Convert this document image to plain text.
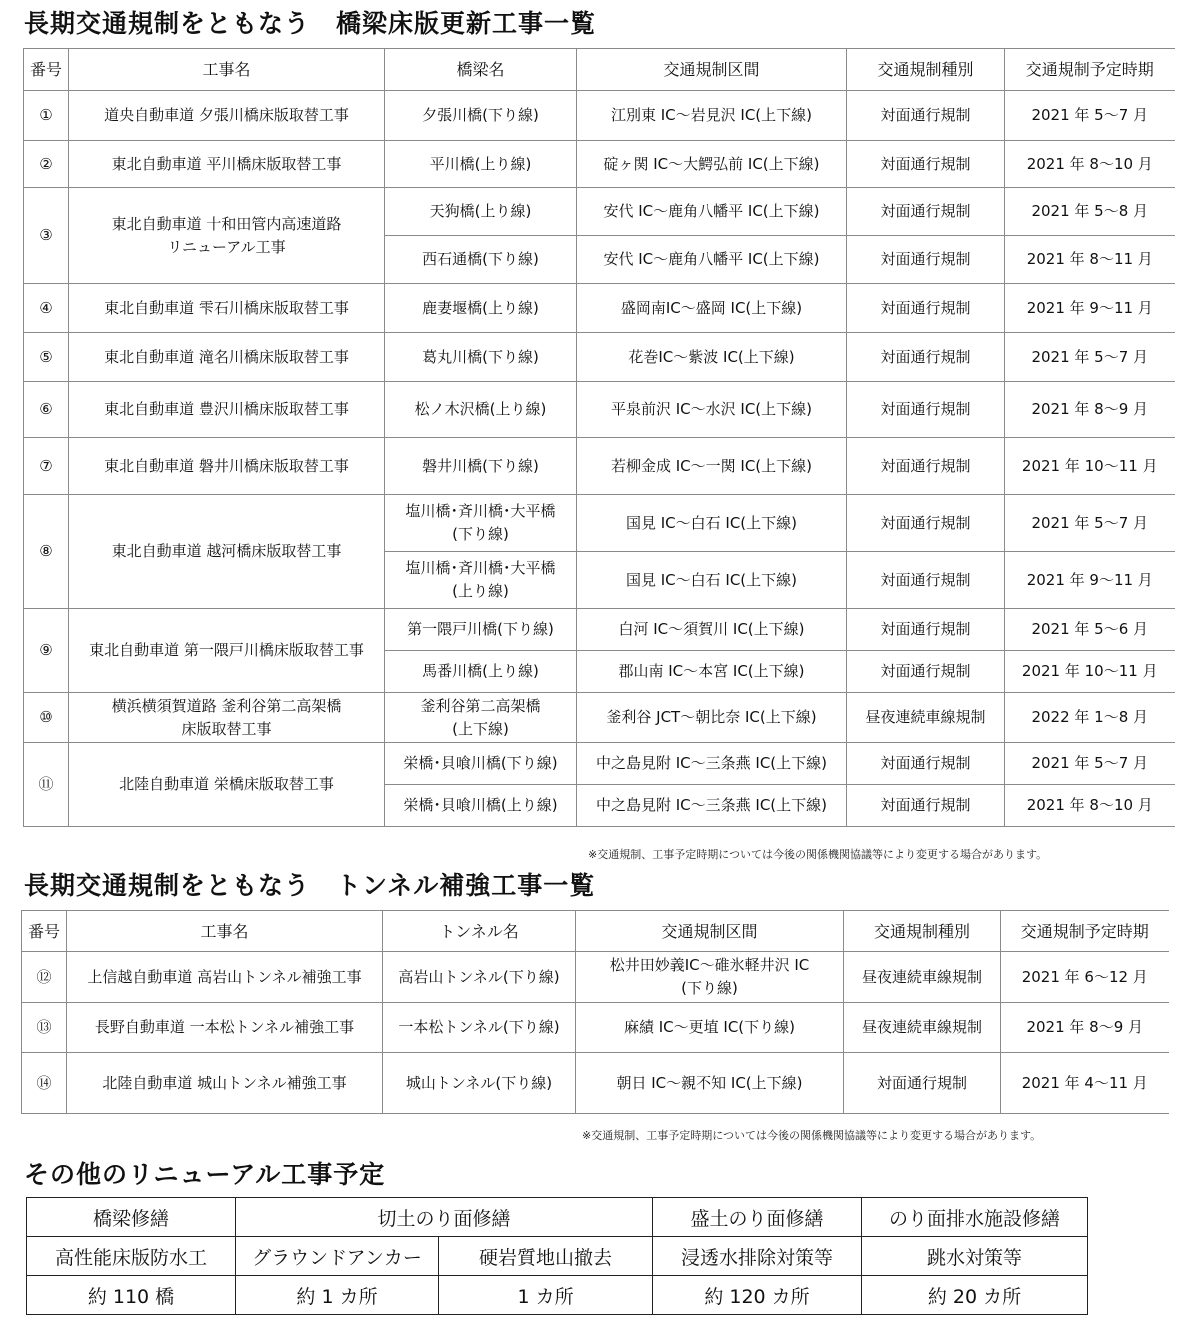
長期交通規制をともなう　橋梁床版更新工事一覧
番号	工事名	橋梁名	交通規制区間	交通規制種別	交通規制予定時期
①	道央自動車道 夕張川橋床版取替工事	夕張川橋(下り線)	江別東 IC～岩見沢 IC(上下線)	対面通行規制	2021 年 5～7 月
②	東北自動車道 平川橋床版取替工事	平川橋(上り線)	碇ヶ関 IC～大鰐弘前 IC(上下線)	対面通行規制	2021 年 8～10 月
③	東北自動車道 十和田管内高速道路
リニューアル工事	天狗橋(上り線)	安代 IC～鹿角八幡平 IC(上下線)	対面通行規制	2021 年 5～8 月
		西石通橋(下り線)	安代 IC～鹿角八幡平 IC(上下線)	対面通行規制	2021 年 8～11 月
④	東北自動車道 雫石川橋床版取替工事	鹿妻堰橋(上り線)	盛岡南IC～盛岡 IC(上下線)	対面通行規制	2021 年 9～11 月
⑤	東北自動車道 滝名川橋床版取替工事	葛丸川橋(下り線)	花巻IC～紫波 IC(上下線)	対面通行規制	2021 年 5～7 月
⑥	東北自動車道 豊沢川橋床版取替工事	松ノ木沢橋(上り線)	平泉前沢 IC～水沢 IC(上下線)	対面通行規制	2021 年 8～9 月
⑦	東北自動車道 磐井川橋床版取替工事	磐井川橋(下り線)	若柳金成 IC～一関 IC(上下線)	対面通行規制	2021 年 10～11 月
⑧	東北自動車道 越河橋床版取替工事	塩川橋･斉川橋･大平橋
(下り線)	国見 IC～白石 IC(上下線)	対面通行規制	2021 年 5～7 月
		塩川橋･斉川橋･大平橋
(上り線)	国見 IC～白石 IC(上下線)	対面通行規制	2021 年 9～11 月
⑨	東北自動車道 第一隈戸川橋床版取替工事	第一隈戸川橋(下り線)	白河 IC～須賀川 IC(上下線)	対面通行規制	2021 年 5～6 月
		馬番川橋(上り線)	郡山南 IC～本宮 IC(上下線)	対面通行規制	2021 年 10～11 月
⑩	横浜横須賀道路 釜利谷第二高架橋
床版取替工事	釜利谷第二高架橋
(上下線)	釜利谷 JCT～朝比奈 IC(上下線)	昼夜連続車線規制	2022 年 1～8 月
⑪	北陸自動車道 栄橋床版取替工事	栄橋･貝喰川橋(下り線)	中之島見附 IC～三条燕 IC(上下線)	対面通行規制	2021 年 5～7 月
		栄橋･貝喰川橋(上り線)	中之島見附 IC～三条燕 IC(上下線)	対面通行規制	2021 年 8～10 月
※交通規制、工事予定時期については今後の関係機関協議等により変更する場合があります。
長期交通規制をともなう　トンネル補強工事一覧
番号	工事名	トンネル名	交通規制区間	交通規制種別	交通規制予定時期
⑫	上信越自動車道 高岩山トンネル補強工事	高岩山トンネル(下り線)	松井田妙義IC～碓氷軽井沢 IC
(下り線)	昼夜連続車線規制	2021 年 6～12 月
⑬	長野自動車道 一本松トンネル補強工事	一本松トンネル(下り線)	麻績 IC～更埴 IC(下り線)	昼夜連続車線規制	2021 年 8～9 月
⑭	北陸自動車道 城山トンネル補強工事	城山トンネル(下り線)	朝日 IC～親不知 IC(上下線)	対面通行規制	2021 年 4～11 月
※交通規制、工事予定時期については今後の関係機関協議等により変更する場合があります。
その他のリニューアル工事予定
橋梁修繕	切土のり面修繕		盛土のり面修繕	のり面排水施設修繕
高性能床版防水工	グラウンドアンカー	硬岩質地山撤去	浸透水排除対策等	跳水対策等
約 110 橋	約 1 カ所	1 カ所	約 120 カ所	約 20 カ所
